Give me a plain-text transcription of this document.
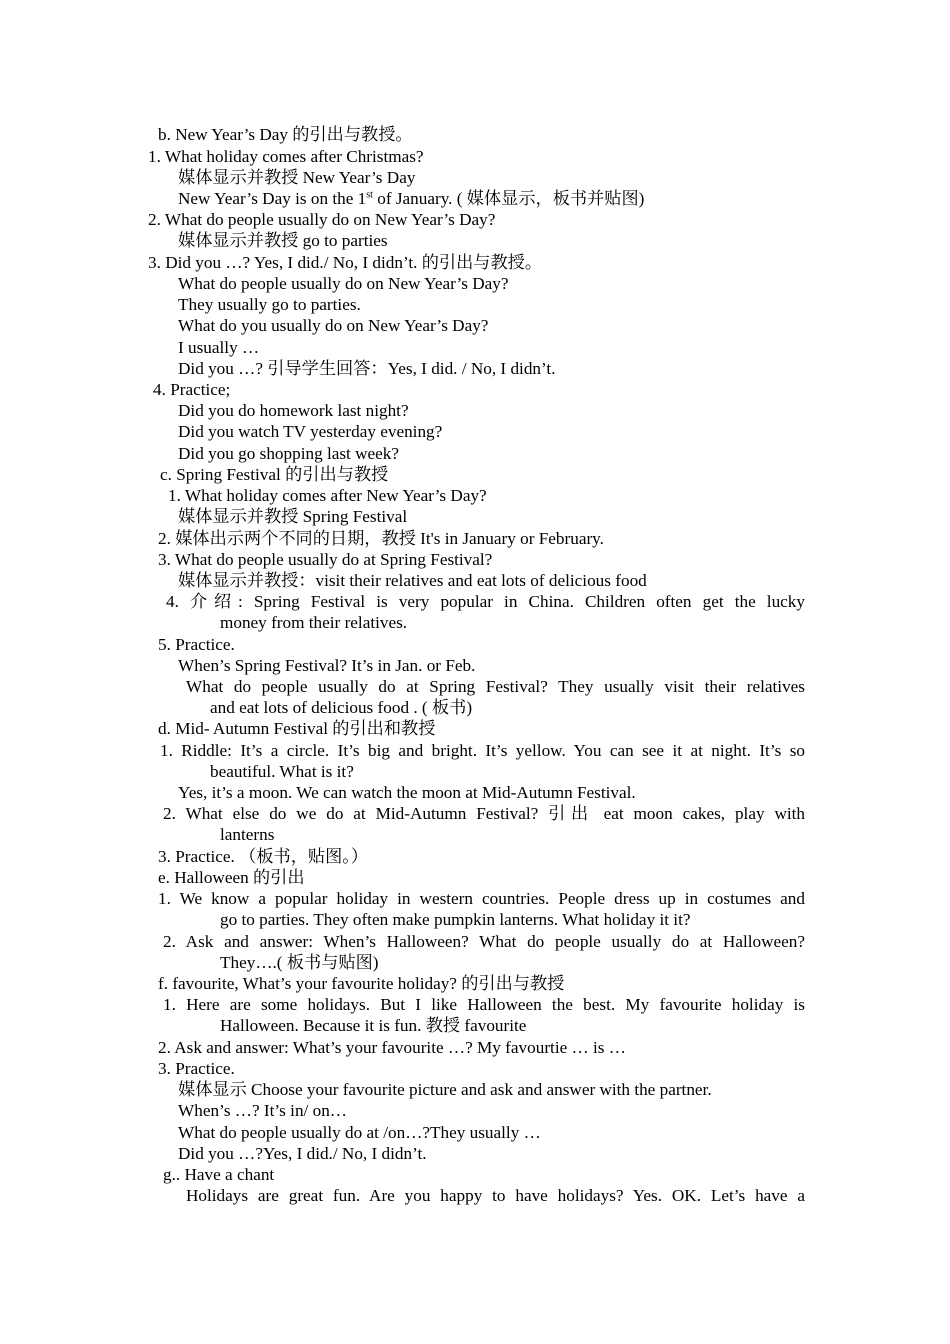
b. New Year’s Day 的引出与教授。
1. What holiday comes after Christmas?
媒体显示并教授 New Year’s Day
New Year’s Day is on the 1st of January. ( 媒体显示，板书并贴图)
2. What do people usually do on New Year’s Day?
媒体显示并教授 go to parties
3. Did you …? Yes, I did./ No, I didn’t. 的引出与教授。
What do people usually do on New Year’s Day?
They usually go to parties.
What do you usually do on New Year’s Day?
I usually …
Did you …? 引导学生回答：Yes, I did. / No, I didn’t.
4. Practice;
Did you do homework last night?
Did you watch TV yesterday evening?
Did you go shopping last week?
c. Spring Festival 的引出与教授
1. What holiday comes after New Year’s Day?
媒体显示并教授 Spring Festival
2. 媒体出示两个不同的日期，教授 It's in January or February.
3. What do people usually do at Spring Festival?
媒体显示并教授：visit their relatives and eat lots of delicious food
4. 介绍: Spring Festival is very popular in China. Children often get the lucky
money from their relatives.
5. Practice.
When’s Spring Festival? It’s in Jan. or Feb.
What do people usually do at Spring Festival? They usually visit their relatives
and eat lots of delicious food . ( 板书)
d. Mid- Autumn Festival 的引出和教授
1. Riddle: It’s a circle. It’s big and bright. It’s yellow. You can see it at night. It’s so
beautiful. What is it?
Yes, it’s a moon. We can watch the moon at Mid-Autumn Festival.
2. What else do we do at Mid-Autumn Festival? 引出 eat moon cakes, play with
lanterns
3. Practice. （板书，贴图。）
e. Halloween 的引出
1. We know a popular holiday in western countries. People dress up in costumes and
go to parties. They often make pumpkin lanterns. What holiday it it?
2. Ask and answer: When’s Halloween? What do people usually do at Halloween?
They….( 板书与贴图)
f. favourite, What’s your favourite holiday? 的引出与教授
1. Here are some holidays. But I like Halloween the best. My favourite holiday is
Halloween. Because it is fun. 教授 favourite
2. Ask and answer: What’s your favourite …? My favourtie … is …
3. Practice.
媒体显示 Choose your favourite picture and ask and answer with the partner.
When’s …? It’s in/ on…
What do people usually do at /on…?They usually …
Did you …?Yes, I did./ No, I didn’t.
g.. Have a chant
Holidays are great fun. Are you happy to have holidays? Yes. OK. Let’s have a
